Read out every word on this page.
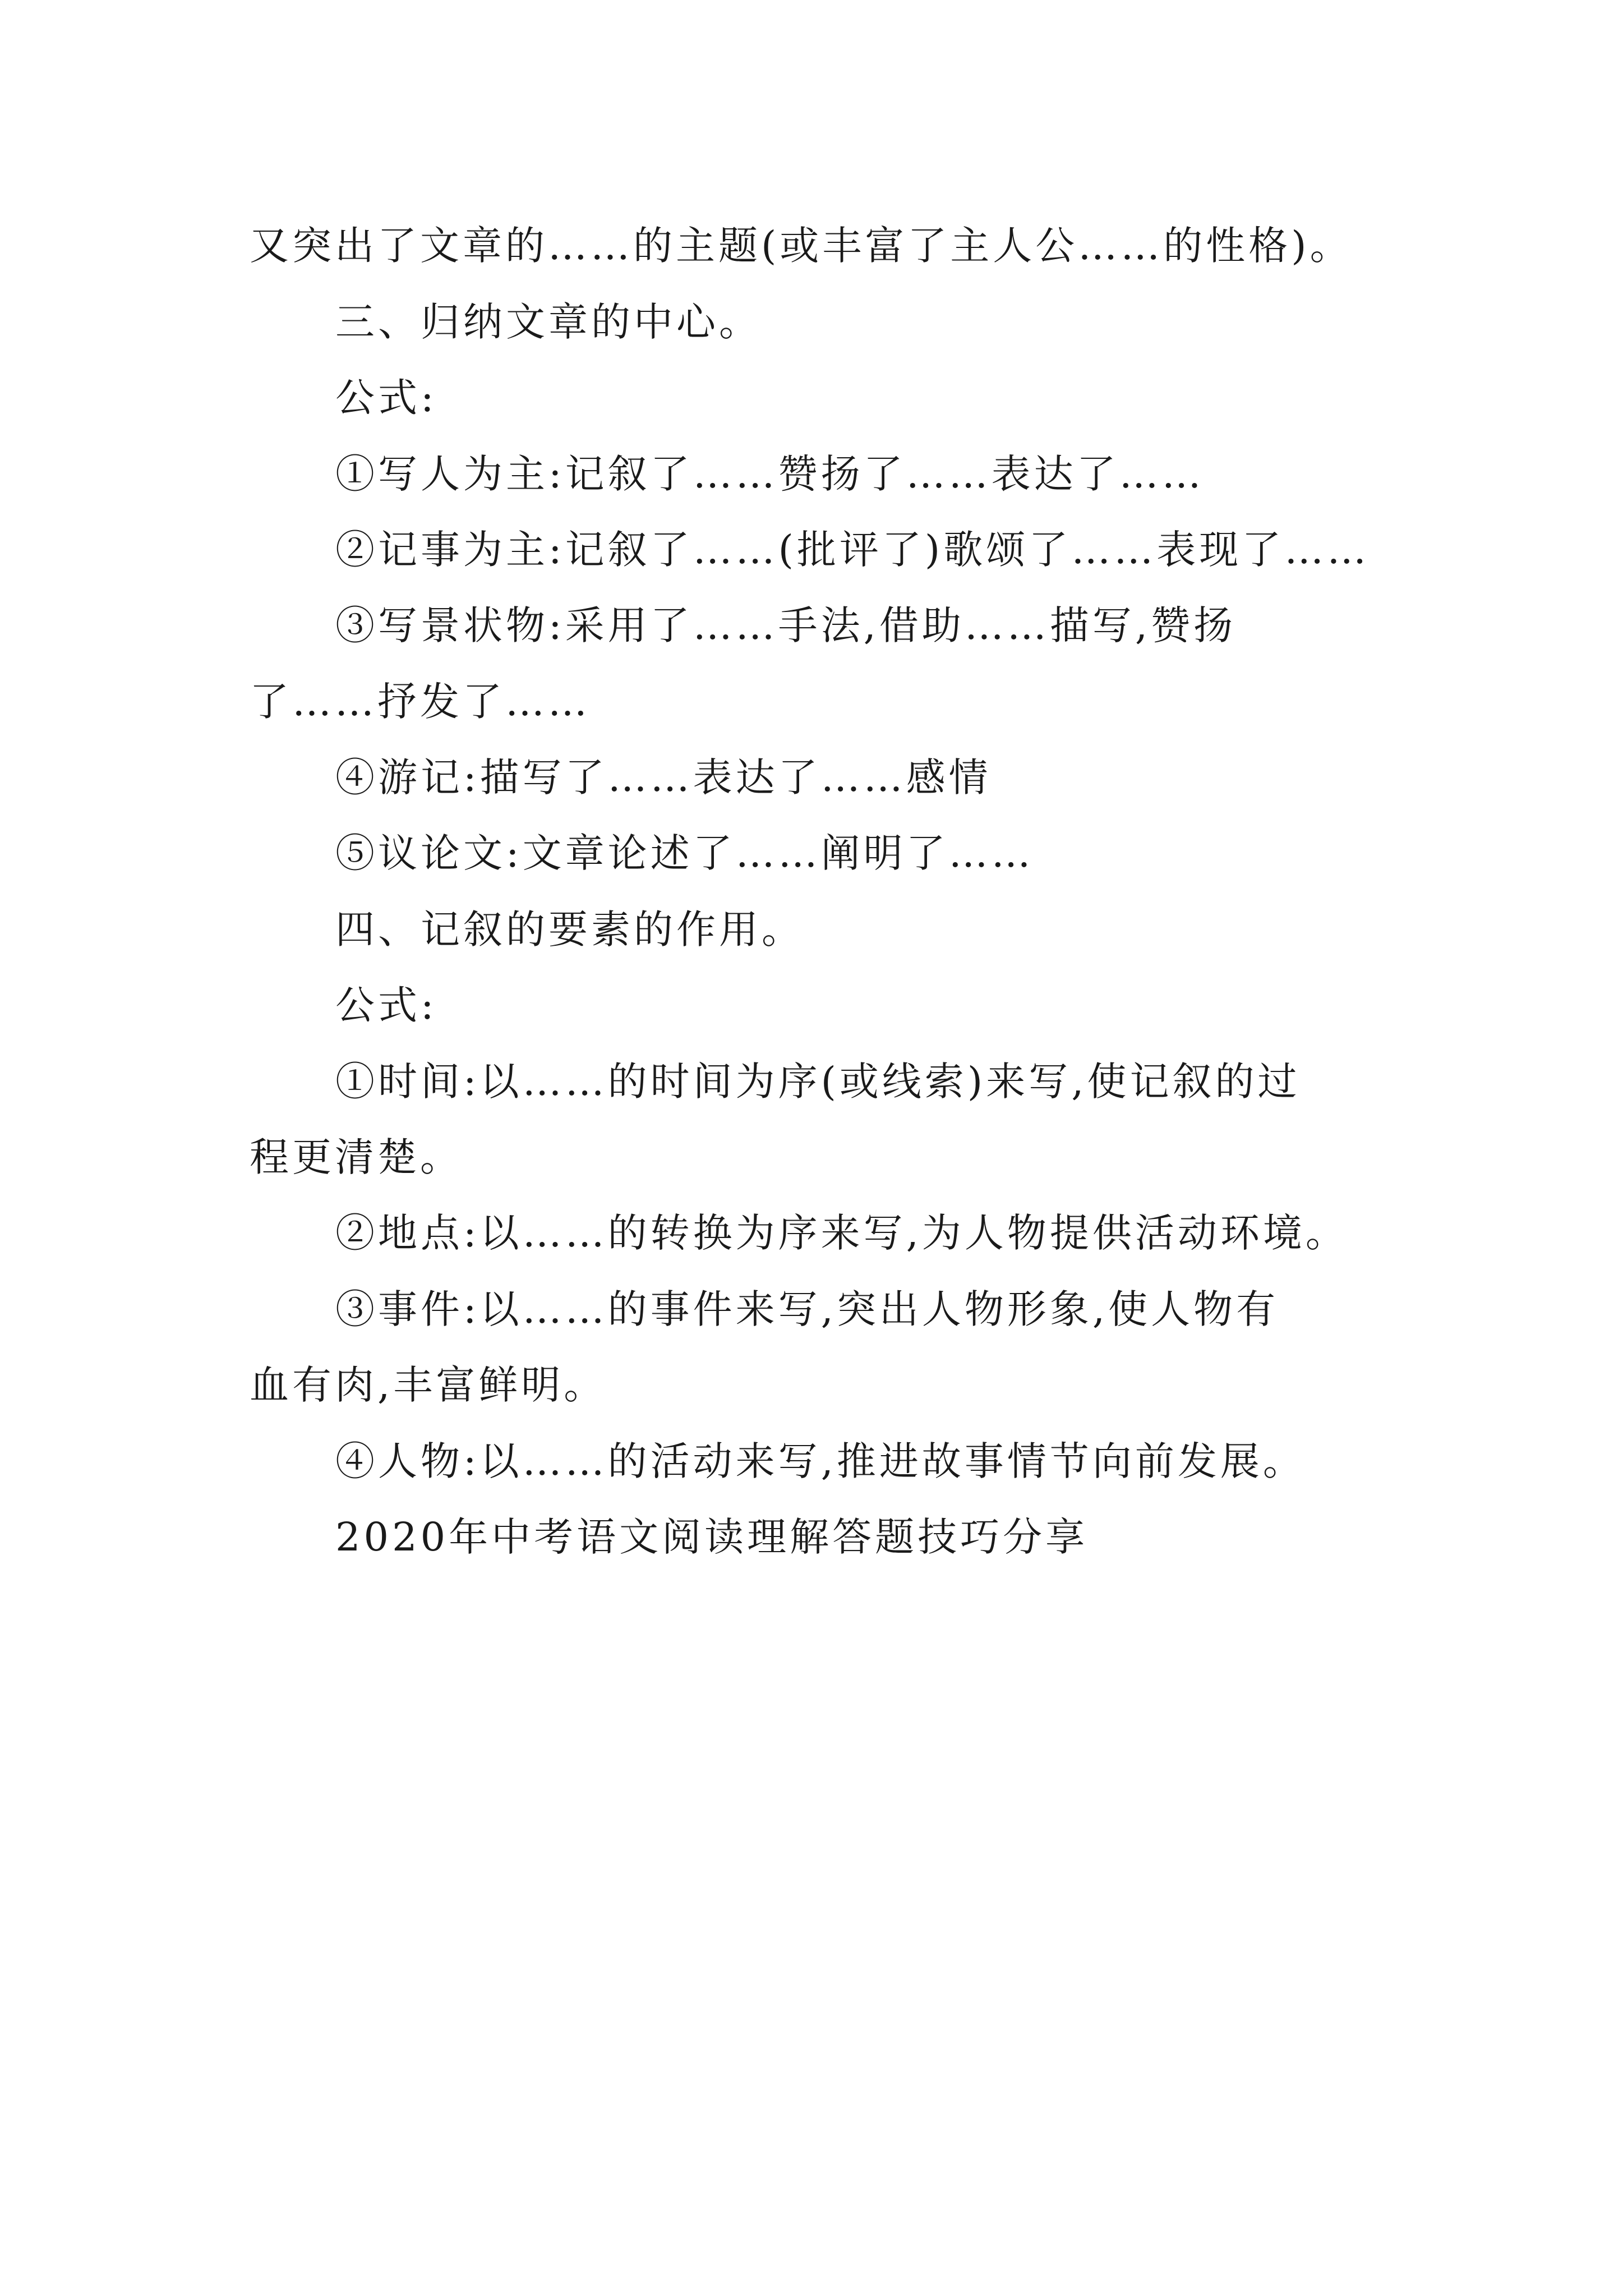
又突出了文章的……的主题(或丰富了主人公……的性格)。
三、归纳文章的中心。
公式:
①写人为主:记叙了……赞扬了……表达了……
②记事为主:记叙了……(批评了)歌颂了……表现了……
③写景状物:采用了……手法,借助……描写,赞扬
了……抒发了……
④游记:描写了……表达了……感情
⑤议论文:文章论述了……阐明了……
四、记叙的要素的作用。
公式:
①时间:以……的时间为序(或线索)来写,使记叙的过
程更清楚。
②地点:以……的转换为序来写,为人物提供活动环境。
③事件:以……的事件来写,突出人物形象,使人物有
血有肉,丰富鲜明。
④人物:以……的活动来写,推进故事情节向前发展。
2020年中考语文阅读理解答题技巧分享
